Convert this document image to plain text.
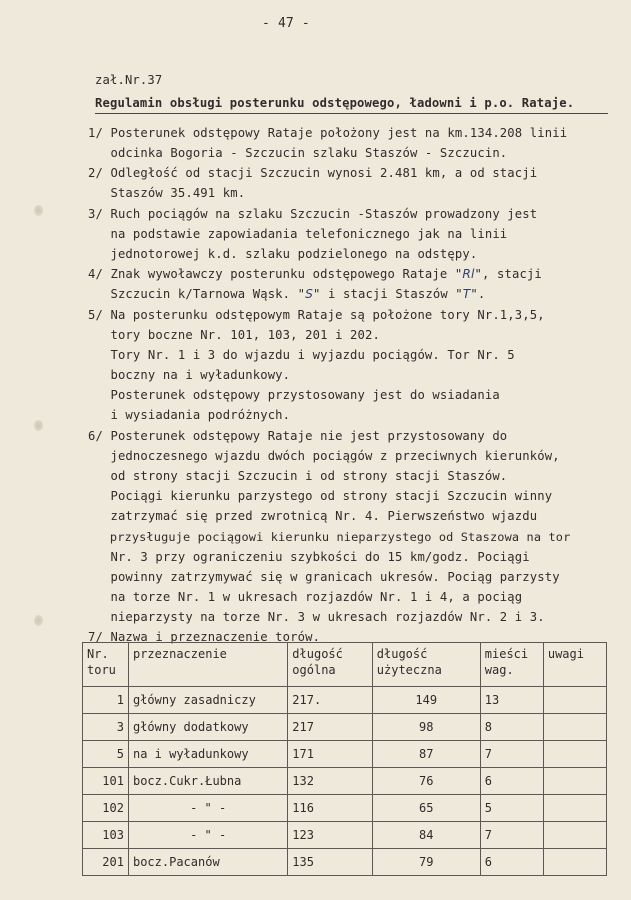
- 47 -
zał.Nr.37
Regulamin obsługi posterunku odstępowego, ładowni i p.o. Rataje.
1/ Posterunek odstępowy Rataje położony jest na km.134.208 linii
odcinka Bogoria - Szczucin szlaku Staszów - Szczucin.
2/ Odległość od stacji Szczucin wynosi 2.481 km, a od stacji
Staszów 35.491 km.
3/ Ruch pociągów na szlaku Szczucin -Staszów prowadzony jest
na podstawie zapowiadania telefonicznego jak na linii
jednotorowej k.d. szlaku podzielonego na odstępy.
4/ Znak wywoławczy posterunku odstępowego Rataje "Rl", stacji
Szczucin k/Tarnowa Wąsk. "S" i stacji Staszów "T".
5/ Na posterunku odstępowym Rataje są położone tory Nr.1,3,5,
tory boczne Nr. 101, 103, 201 i 202.
Tory Nr. 1 i 3 do wjazdu i wyjazdu pociągów. Tor Nr. 5
boczny na i wyładunkowy.
Posterunek odstępowy przystosowany jest do wsiadania
i wysiadania podróżnych.
6/ Posterunek odstępowy Rataje nie jest przystosowany do
jednoczesnego wjazdu dwóch pociągów z przeciwnych kierunków,
od strony stacji Szczucin i od strony stacji Staszów.
Pociągi kierunku parzystego od strony stacji Szczucin winny
zatrzymać się przed zwrotnicą Nr. 4. Pierwszeństwo wjazdu
przysługuje pociągowi kierunku nieparzystego od Staszowa na tor
Nr. 3 przy ograniczeniu szybkości do 15 km/godz. Pociągi
powinny zatrzymywać się w granicach ukresów. Pociąg parzysty
na torze Nr. 1 w ukresach rozjazdów Nr. 1 i 4, a pociąg
nieparzysty na torze Nr. 3 w ukresach rozjazdów Nr. 2 i 3.
7/ Nazwa i przeznaczenie torów.
Nr. toru	przeznaczenie	długość ogólna	długość użyteczna	mieści wag.	uwagi
1	główny zasadniczy	217.	149	13	
3	główny dodatkowy	217	98	8	
5	na i wyładunkowy	171	87	7	
101	bocz.Cukr.Łubna	132	76	6	
102	- " -	116	65	5	
103	- " -	123	84	7	
201	bocz.Pacanów	135	79	6	
